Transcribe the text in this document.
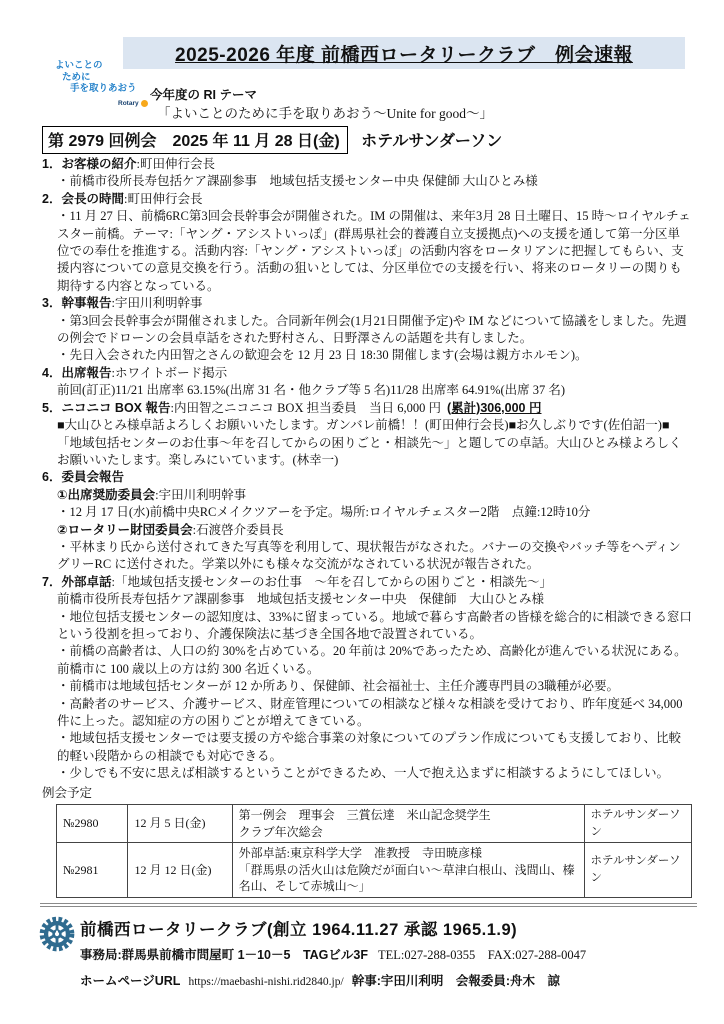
2025-2026 年度 前橋西ロータリークラブ　例会速報
よいことの
ために
手を取りあおう
Rotary
今年度の RI テーマ
「よいことのために手を取りあおう～Unite for good～」
第 2979 回例会　2025 年 11 月 28 日(金) ホテルサンダーソン
1．お客様の紹介:町田伸行会長
・前橋市役所長寿包括ケア課副参事　地域包括支援センター中央 保健師 大山ひとみ様
2．会長の時間:町田伸行会長
・11 月 27 日、前橋6RC第3回会長幹事会が開催された。IM の開催は、来年3月 28 日土曜日、15 時～ロイヤルチェスター前橋。テーマ:「ヤング・アシストいっぽ」(群馬県社会的養護自立支援拠点)への支援を通して第一分区単位での奉仕を推進する。活動内容:「ヤング・アシストいっぽ」の活動内容をロータリアンに把握してもらい、支援内容についての意見交換を行う。活動の狙いとしては、分区単位での支援を行い、将来のロータリーの関りも期待する内容となっている。
3．幹事報告:宇田川利明幹事
・第3回会長幹事会が開催されました。合同新年例会(1月21日開催予定)や IM などについて協議をしました。先週の例会でドローンの会員卓話をされた野村さん、日野澤さんの話題を共有しました。
・先日入会された内田智之さんの歓迎会を 12 月 23 日 18:30 開催します(会場は親方ホルモン)。
4．出席報告:ホワイトボード掲示
前回(訂正)11/21 出席率 63.15%(出席 31 名・他クラブ等 5 名)11/28 出席率 64.91%(出席 37 名)
5．ニコニコ BOX 報告:内田智之ニコニコ BOX 担当委員　当日 6,000 円 (累計)306,000 円
■大山ひとみ様卓話よろしくお願いいたします。ガンバレ前橋！！(町田伸行会長)■お久しぶりです(佐伯詔一)■「地域包括センターのお仕事～年を召してからの困りごと・相談先～」と題しての卓話。大山ひとみ様よろしくお願いいたします。楽しみにいています。(林幸一)
6．委員会報告
①出席奨励委員会:宇田川利明幹事
・12 月 17 日(水)前橋中央RCメイクツアーを予定。場所:ロイヤルチェスター2階　点鐘:12時10分
②ロータリー財団委員会:石渡啓介委員長
・平林まり氏から送付されてきた写真等を利用して、現状報告がなされた。バナーの交換やバッチ等をヘディングリーRC に送付された。学業以外にも様々な交流がなされている状況が報告された。
7．外部卓話:「地域包括支援センターのお仕事　～年を召してからの困りごと・相談先～」
前橋市役所長寿包括ケア課副参事　地域包括支援センター中央　保健師　大山ひとみ様
・地位包括支援センターの認知度は、33%に留まっている。地域で暮らす高齢者の皆様を総合的に相談できる窓口という役割を担っており、介護保険法に基づき全国各地で設置されている。
・前橋の高齢者は、人口の約 30%を占めている。20 年前は 20%であったため、高齢化が進んでいる状況にある。前橋市に 100 歳以上の方は約 300 名近くいる。
・前橋市は地域包括センターが 12 か所あり、保健師、社会福祉士、主任介護専門員の3職種が必要。
・高齢者のサービス、介護サービス、財産管理についての相談など様々な相談を受けており、昨年度延べ 34,000 件に上った。認知症の方の困りごとが増えてきている。
・地域包括支援センターでは要支援の方や総合事業の対象についてのプラン作成についても支援しており、比較的軽い段階からの相談でも対応できる。
・少しでも不安に思えば相談するということができるため、一人で抱え込まずに相談するようにしてほしい。
例会予定
№2980	12 月 5 日(金)	第一例会　理事会　三賞伝達　米山記念奨学生
クラブ年次総会	ホテルサンダーソン
№2981	12 月 12 日(金)	外部卓話:東京科学大学　准教授　寺田暁彦様
「群馬県の活火山は危険だが面白い～草津白根山、浅間山、榛名山、そして赤城山～」	ホテルサンダーソン
前橋西ロータリークラブ(創立 1964.11.27 承認 1965.1.9)
事務局:群馬県前橋市問屋町 1－10－5　TAGビル3F TEL:027-288-0355　FAX:027-288-0047
ホームページURL https://maebashi-nishi.rid2840.jp/ 幹事:宇田川利明　会報委員:舟木　諒
